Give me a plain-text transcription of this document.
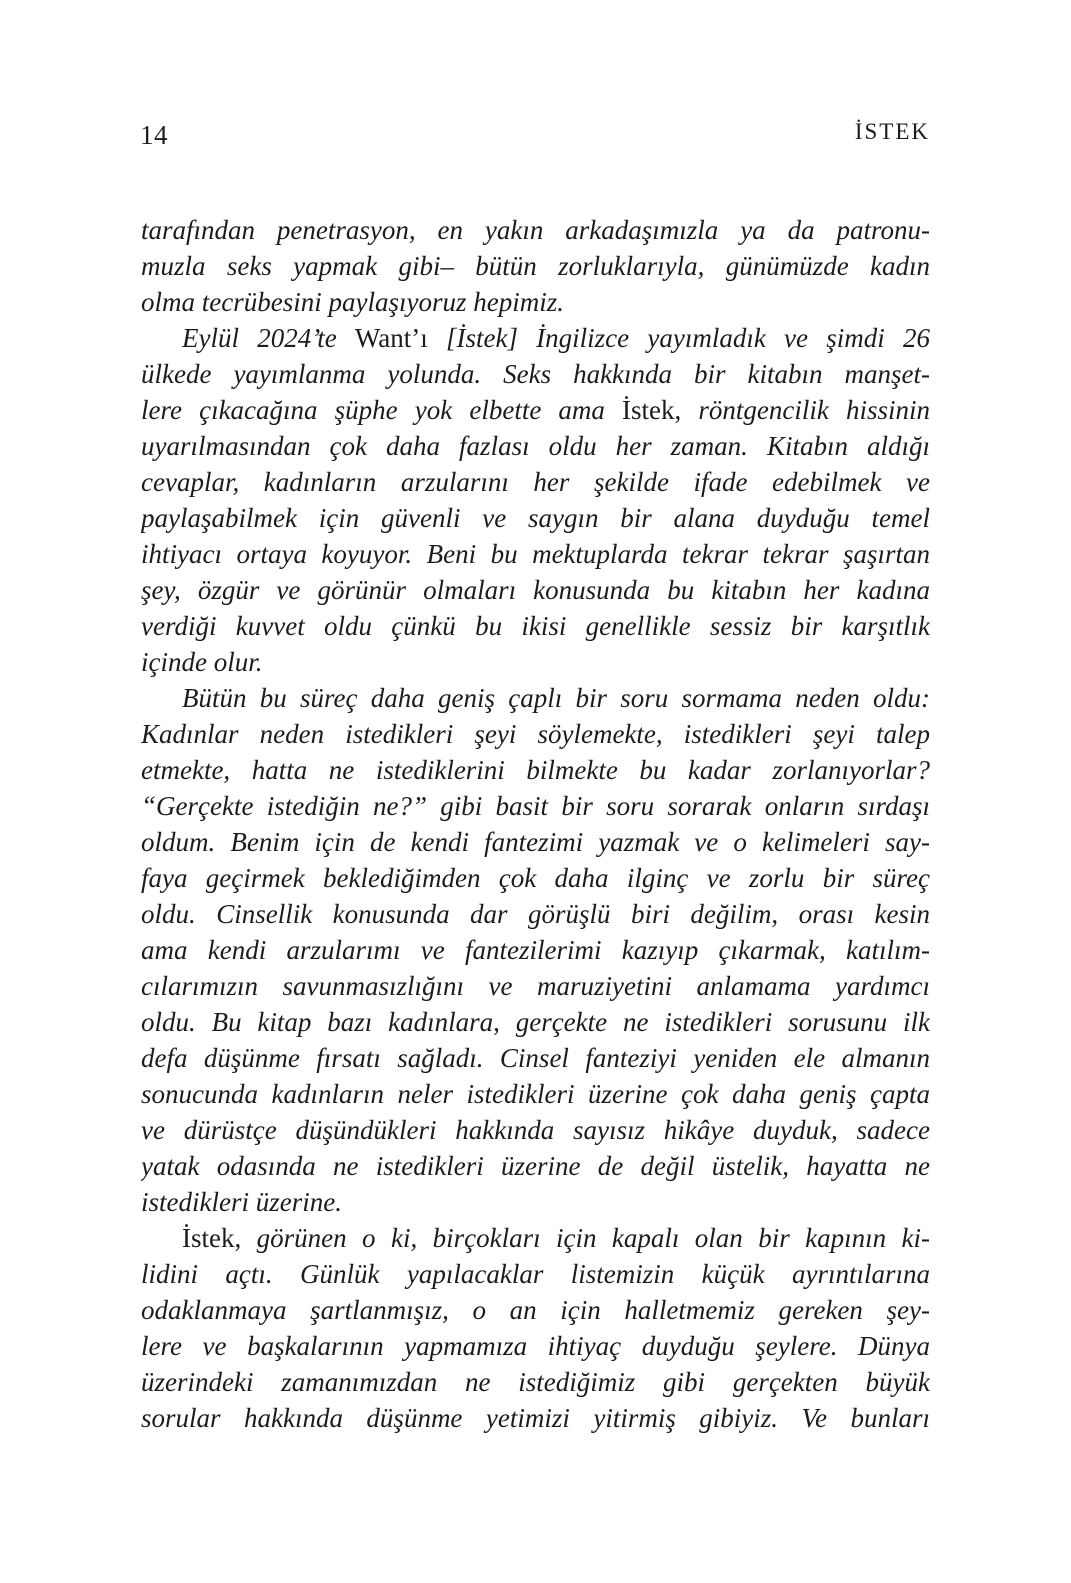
14	İSTEK

tarafından penetrasyon, en yakın arkadaşımızla ya da patronu-
muzla seks yapmak gibi– bütün zorluklarıyla, günümüzde kadın
olma tecrübesini paylaşıyoruz hepimiz.

Eylül 2024’te Want’ı [İstek] İngilizce yayımladık ve şimdi 26
ülkede yayımlanma yolunda. Seks hakkında bir kitabın manşet-
lere çıkacağına şüphe yok elbette ama İstek, röntgencilik hissinin
uyarılmasından çok daha fazlası oldu her zaman. Kitabın aldığı
cevaplar, kadınların arzularını her şekilde ifade edebilmek ve
paylaşabilmek için güvenli ve saygın bir alana duyduğu temel
ihtiyacı ortaya koyuyor. Beni bu mektuplarda tekrar tekrar şaşırtan
şey, özgür ve görünür olmaları konusunda bu kitabın her kadına
verdiği kuvvet oldu çünkü bu ikisi genellikle sessiz bir karşıtlık
içinde olur.

Bütün bu süreç daha geniş çaplı bir soru sormama neden oldu:
Kadınlar neden istedikleri şeyi söylemekte, istedikleri şeyi talep
etmekte, hatta ne istediklerini bilmekte bu kadar zorlanıyorlar?
“Gerçekte istediğin ne?” gibi basit bir soru sorarak onların sırdaşı
oldum. Benim için de kendi fantezimi yazmak ve o kelimeleri say-
faya geçirmek beklediğimden çok daha ilginç ve zorlu bir süreç
oldu. Cinsellik konusunda dar görüşlü biri değilim, orası kesin
ama kendi arzularımı ve fantezilerimi kazıyıp çıkarmak, katılım-
cılarımızın savunmasızlığını ve maruziyetini anlamama yardımcı
oldu. Bu kitap bazı kadınlara, gerçekte ne istedikleri sorusunu ilk
defa düşünme fırsatı sağladı. Cinsel fanteziyi yeniden ele almanın
sonucunda kadınların neler istedikleri üzerine çok daha geniş çapta
ve dürüstçe düşündükleri hakkında sayısız hikâye duyduk, sadece
yatak odasında ne istedikleri üzerine de değil üstelik, hayatta ne
istedikleri üzerine.

İstek, görünen o ki, birçokları için kapalı olan bir kapının ki-
lidini açtı. Günlük yapılacaklar listemizin küçük ayrıntılarına
odaklanmaya şartlanmışız, o an için halletmemiz gereken şey-
lere ve başkalarının yapmamıza ihtiyaç duyduğu şeylere. Dünya
üzerindeki zamanımızdan ne istediğimiz gibi gerçekten büyük
sorular hakkında düşünme yetimizi yitirmiş gibiyiz. Ve bunları
